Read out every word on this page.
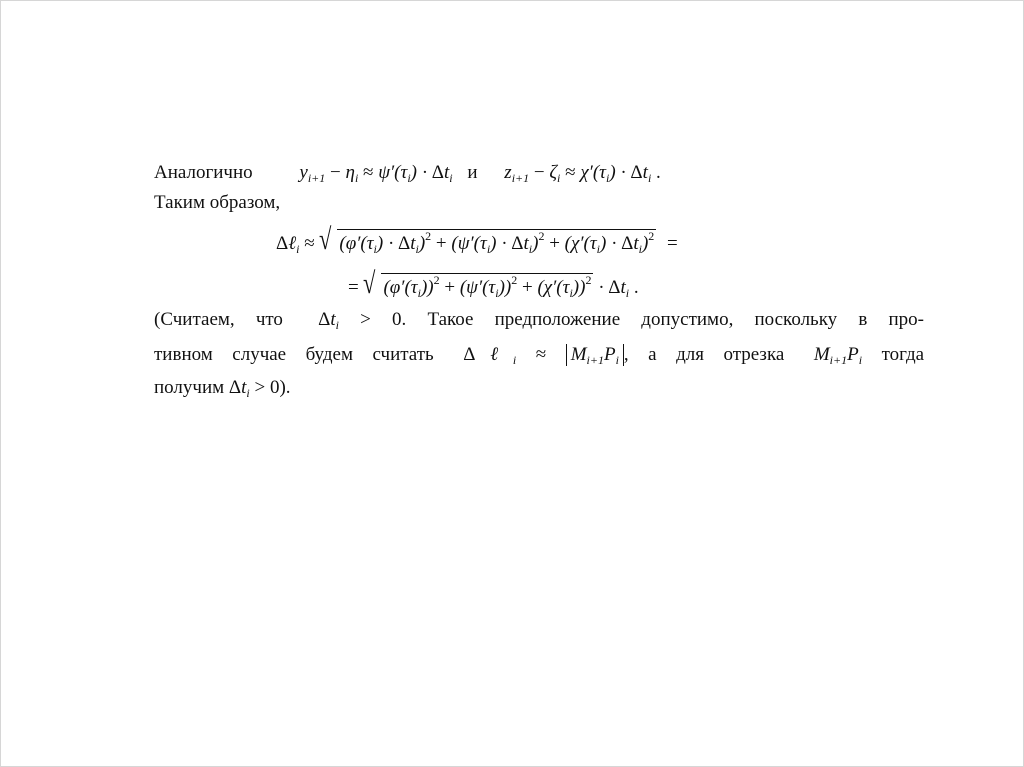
Аналогично $y_{i+1} - \eta_i \approx \psi'(\tau_i) \cdot \Delta t_i$ и $z_{i+1} - \zeta_i \approx \chi'(\tau_i) \cdot \Delta t_i$ .
Таким образом,
Δℓ$_i$ ≈ √ $(\varphi'(\tau_i) \cdot \Delta t_i)^2 + (\psi'(\tau_i) \cdot \Delta t_i)^2 + (\chi'(\tau_i) \cdot \Delta t_i)^2$ =
= √ $(\varphi'(\tau_i))^2 + (\psi'(\tau_i))^2 + (\chi'(\tau_i))^2 \cdot \Delta t_i$ .
(Считаем, что $\Delta t_i > 0$. Такое предположение допустимо, поскольку в про-
тивном случае будем считать Δℓ$_i$ ≈ $M_{i+1}P_i$ , а для отрезка $M_{i+1}P_i$ тогда
получим $\Delta t_i > 0$).
